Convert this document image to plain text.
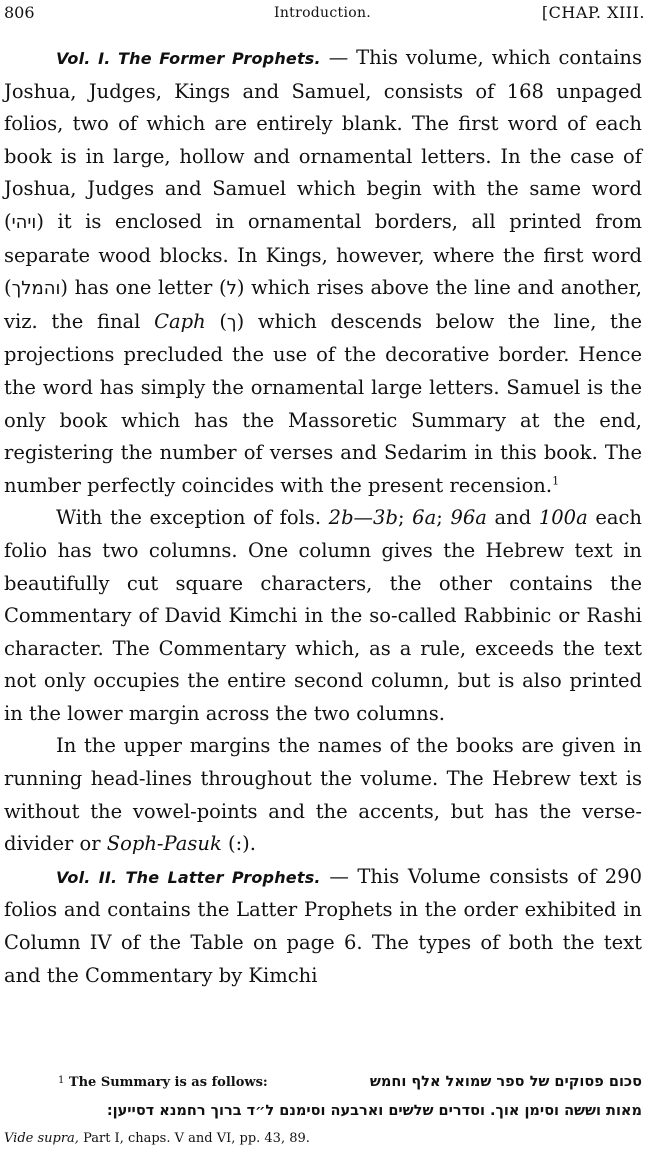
806	Introduction.	[CHAP. XIII.

Vol. I. The Former Prophets. — This volume, which contains Joshua, Judges, Kings and Samuel, consists of 168 unpaged folios, two of which are entirely blank. The first word of each book is in large, hollow and ornamental letters. In the case of Joshua, Judges and Samuel which begin with the same word (ויהי) it is enclosed in ornamental borders, all printed from separate wood blocks. In Kings, however, where the first word (והמלך) has one letter (ל) which rises above the line and another, viz. the final Caph (ך) which descends below the line, the projections precluded the use of the decorative border. Hence the word has simply the ornamental large letters. Samuel is the only book which has the Massoretic Summary at the end, registering the number of verses and Sedarim in this book. The number perfectly coincides with the present recension.$^1$

With the exception of fols. 2b—3b; 6a; 96a and 100a each folio has two columns. One column gives the Hebrew text in beautifully cut square characters, the other contains the Commentary of David Kimchi in the so-called Rabbinic or Rashi character. The Commentary which, as a rule, exceeds the text not only occupies the entire second column, but is also printed in the lower margin across the two columns.

In the upper margins the names of the books are given in running head-lines throughout the volume. The Hebrew text is without the vowel-points and the accents, but has the verse-divider or Soph-Pasuk (:).

Vol. II. The Latter Prophets. — This Volume consists of 290 folios and contains the Latter Prophets in the order exhibited in Column IV of the Table on page 6. The types of both the text and the Commentary by Kimchi

$^1$ The Summary is as follows:	סכום פסוקים של ספר שמואל אלף וחמש
מאות וששה וסימן אוך. וסדרים שלשים וארבעה וסימנם ל״ד ברוך רחמנא דסייען:
Vide supra, Part I, chaps. V and VI, pp. 43, 89.
